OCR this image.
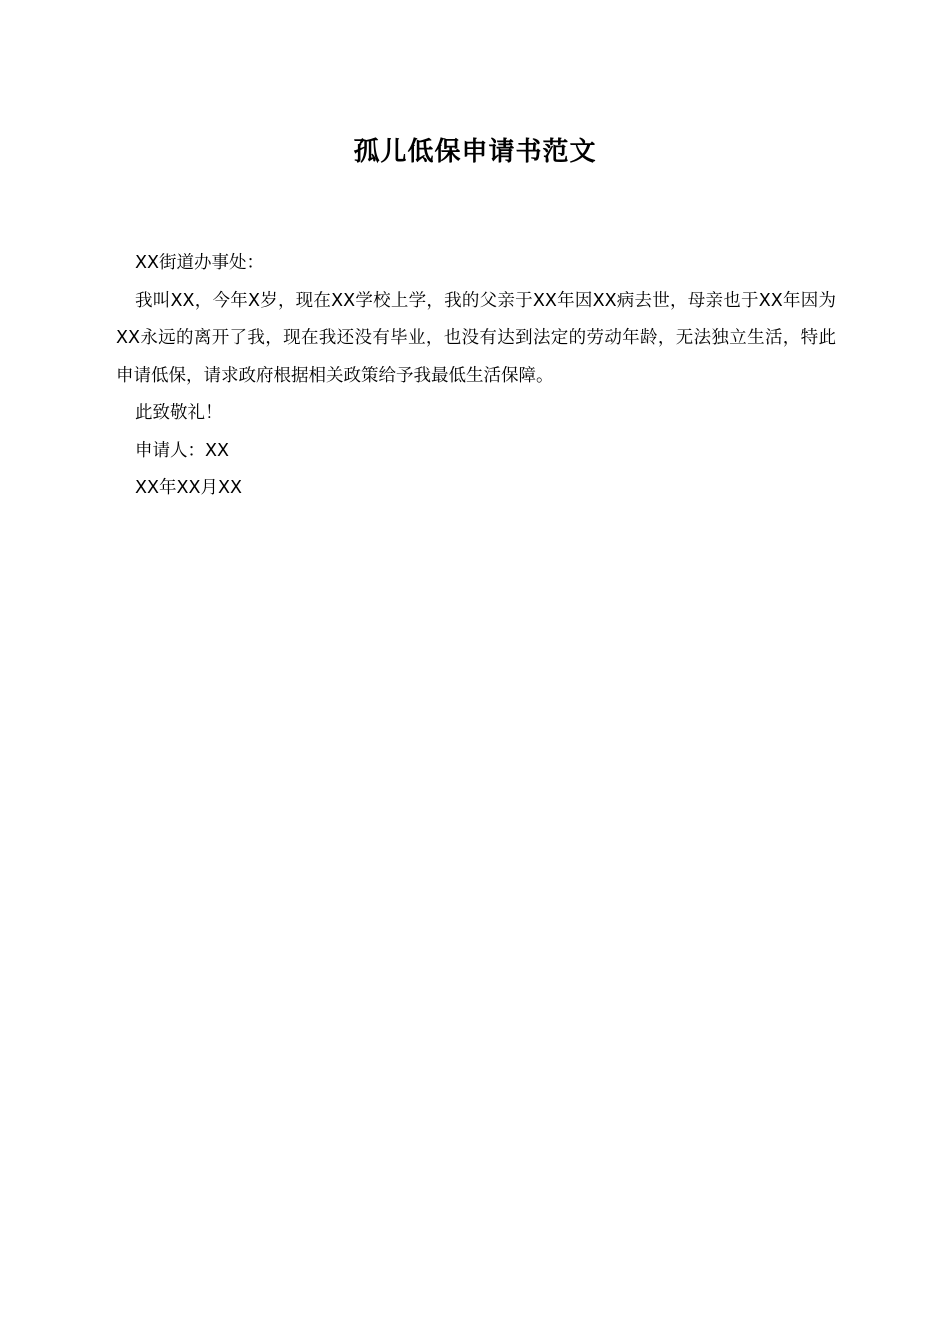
孤儿低保申请书范文

XX街道办事处：

我叫XX，今年X岁，现在XX学校上学，我的父亲于XX年因XX病去世，母亲也于XX年因为XX永远的离开了我，现在我还没有毕业，也没有达到法定的劳动年龄，无法独立生活，特此申请低保，请求政府根据相关政策给予我最低生活保障。

此致敬礼！

申请人：XX

XX年XX月XX
